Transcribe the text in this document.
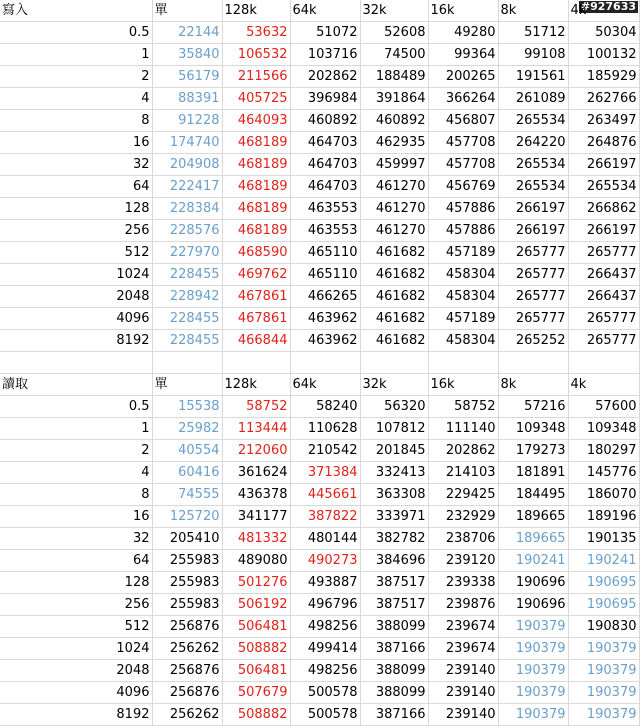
#927633
寫入	單	128k	64k	32k	16k	8k	4k
0.5	22144	53632	51072	52608	49280	51712	50304
1	35840	106532	103716	74500	99364	99108	100132
2	56179	211566	202862	188489	200265	191561	185929
4	88391	405725	396984	391864	366264	261089	262766
8	91228	464093	460892	460892	456807	265534	263497
16	174740	468189	464703	462935	457708	264220	264876
32	204908	468189	464703	459997	457708	265534	266197
64	222417	468189	464703	461270	456769	265534	265534
128	228384	468189	463553	461270	457886	266197	266862
256	228576	468189	463553	461270	457886	266197	266197
512	227970	468590	465110	461682	457189	265777	265777
1024	228455	469762	465110	461682	458304	265777	266437
2048	228942	467861	466265	461682	458304	265777	266437
4096	228455	467861	463962	461682	457189	265777	265777
8192	228455	466844	463962	461682	458304	265252	265777

讀取	單	128k	64k	32k	16k	8k	4k
0.5	15538	58752	58240	56320	58752	57216	57600
1	25982	113444	110628	107812	111140	109348	109348
2	40554	212060	210542	201845	202862	179273	180297
4	60416	361624	371384	332413	214103	181891	145776
8	74555	436378	445661	363308	229425	184495	186070
16	125720	341177	387822	333971	232929	189665	189196
32	205410	481332	480144	382782	238706	189665	190135
64	255983	489080	490273	384696	239120	190241	190241
128	255983	501276	493887	387517	239338	190696	190695
256	255983	506192	496796	387517	239876	190696	190695
512	256876	506481	498256	388099	239674	190379	190830
1024	256262	508882	499414	387166	239674	190379	190379
2048	256876	506481	498256	388099	239140	190379	190379
4096	256876	507679	500578	388099	239140	190379	190379
8192	256262	508882	500578	387166	239140	190379	190379
